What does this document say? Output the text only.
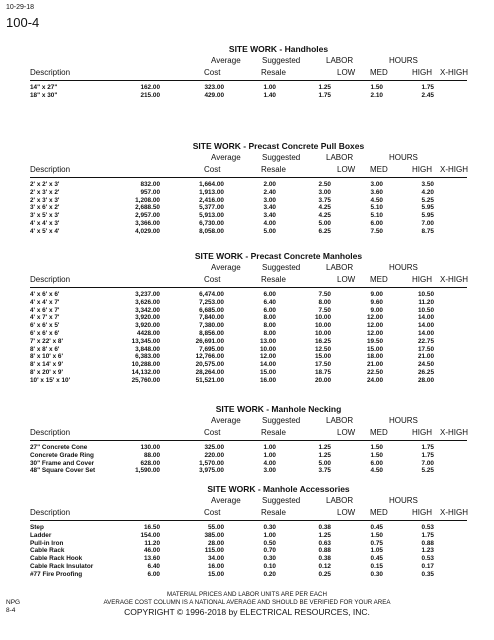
10-29-18
100-4
SITE WORK - Handholes
Average	Suggested	LABOR	HOURS
Description	Cost	Resale	LOW MED	HIGH X-HIGH
14" x 27"	162.00	323.00	1.00	1.25	1.50	1.75
18" x 30"	215.00	429.00	1.40	1.75	2.10	2.45
SITE WORK - Precast Concrete Pull Boxes
Average	Suggested	LABOR	HOURS
Description	Cost	Resale	LOW MED	HIGH X-HIGH
2' x 2' x 3'	832.00	1,664.00	2.00	2.50	3.00	3.50
2' x 3' x 2'	957.00	1,913.00	2.40	3.00	3.60	4.20
2' x 3' x 3'	1,208.00	2,416.00	3.00	3.75	4.50	5.25
3' x 6' x 2'	2,688.50	5,377.00	3.40	4.25	5.10	5.95
3' x 5' x 3'	2,957.00	5,913.00	3.40	4.25	5.10	5.95
4' x 4' x 3'	3,366.00	6,730.00	4.00	5.00	6.00	7.00
4' x 5' x 4'	4,029.00	8,058.00	5.00	6.25	7.50	8.75
SITE WORK - Precast Concrete Manholes
Average	Suggested	LABOR	HOURS
Description	Cost	Resale	LOW MED	HIGH X-HIGH
4' x 6' x 6'	3,237.00	6,474.00	6.00	7.50	9.00	10.50
4' x 4' x 7'	3,626.00	7,253.00	6.40	8.00	9.60	11.20
4' x 6' x 7'	3,342.00	6,685.00	6.00	7.50	9.00	10.50
4' x 7' x 7'	3,920.00	7,840.00	8.00	10.00	12.00	14.00
6' x 6' x 5'	3,920.00	7,380.00	8.00	10.00	12.00	14.00
6' x 6' x 6'	4428.00	8,856.00	8.00	10.00	12.00	14.00
7' x 22' x 8'	13,345.00	26,691.00	13.00	16.25	19.50	22.75
8' x 8' x 6'	3,848.00	7,695.00	10.00	12.50	15.00	17.50
8' x 10' x 6'	6,383.00	12,766.00	12.00	15.00	18.00	21.00
8' x 14' x 9'	10,288.00	20,575.00	14.00	17.50	21.00	24.50
8' x 20' x 9'	14,132.00	28,264.00	15.00	18.75	22.50	26.25
10' x 15' x 10'	25,760.00	51,521.00	16.00	20.00	24.00	28.00
SITE WORK - Manhole Necking
Average	Suggested	LABOR	HOURS
Description	Cost	Resale	LOW MED	HIGH X-HIGH
27" Concrete Cone	130.00	325.00	1.00	1.25	1.50	1.75
Concrete Grade Ring	88.00	220.00	1.00	1.25	1.50	1.75
30" Frame and Cover	628.00	1,570.00	4.00	5.00	6.00	7.00
48" Square Cover Set	1,590.00	3,975.00	3.00	3.75	4.50	5.25
SITE WORK - Manhole Accessories
Average	Suggested	LABOR	HOURS
Description	Cost	Resale	LOW MED	HIGH X-HIGH
Step	16.50	55.00	0.30	0.38	0.45	0.53
Ladder	154.00	385.00	1.00	1.25	1.50	1.75
Pull-in Iron	11.20	28.00	0.50	0.63	0.75	0.88
Cable Rack	46.00	115.00	0.70	0.88	1.05	1.23
Cable Rack Hook	13.60	34.00	0.30	0.38	0.45	0.53
Cable Rack Insulator	6.40	16.00	0.10	0.12	0.15	0.17
#77 Fire Proofing	6.00	15.00	0.20	0.25	0.30	0.35
MATERIAL PRICES AND LABOR UNITS ARE PER EACH
AVERAGE COST COLUMN IS A NATIONAL AVERAGE AND SHOULD BE VERIFIED FOR YOUR AREA
COPYRIGHT © 1996-2018 by ELECTRICAL RESOURCES, INC.
NPG
8-4
